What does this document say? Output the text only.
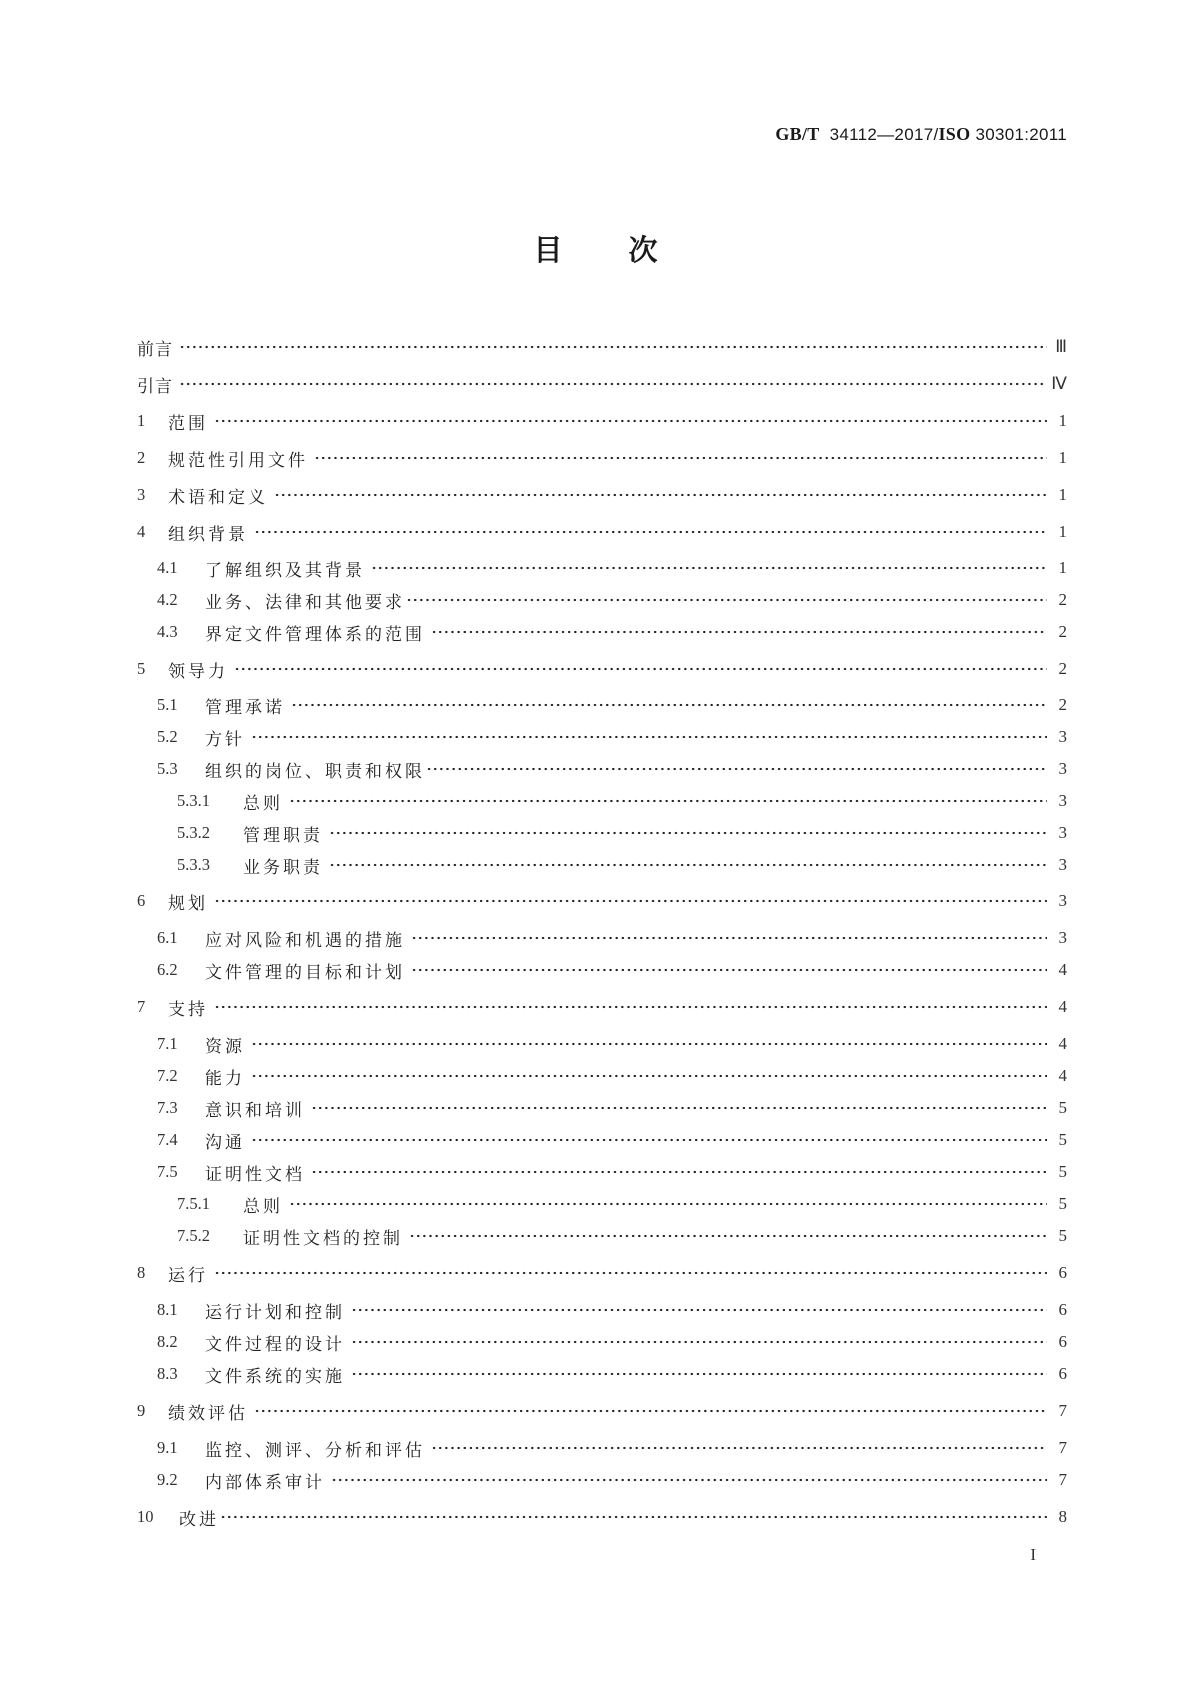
GB/T 34112—2017/ISO 30301:2011
目 次
前言	Ⅲ
引言	Ⅳ
1	范围	1
2	规范性引用文件	1
3	术语和定义	1
4	组织背景	1
4.1	了解组织及其背景	1
4.2	业务、法律和其他要求	2
4.3	界定文件管理体系的范围	2
5	领导力	2
5.1	管理承诺	2
5.2	方针	3
5.3	组织的岗位、职责和权限	3
5.3.1	总则	3
5.3.2	管理职责	3
5.3.3	业务职责	3
6	规划	3
6.1	应对风险和机遇的措施	3
6.2	文件管理的目标和计划	4
7	支持	4
7.1	资源	4
7.2	能力	4
7.3	意识和培训	5
7.4	沟通	5
7.5	证明性文档	5
7.5.1	总则	5
7.5.2	证明性文档的控制	5
8	运行	6
8.1	运行计划和控制	6
8.2	文件过程的设计	6
8.3	文件系统的实施	6
9	绩效评估	7
9.1	监控、测评、分析和评估	7
9.2	内部体系审计	7
10	改进	8
I
